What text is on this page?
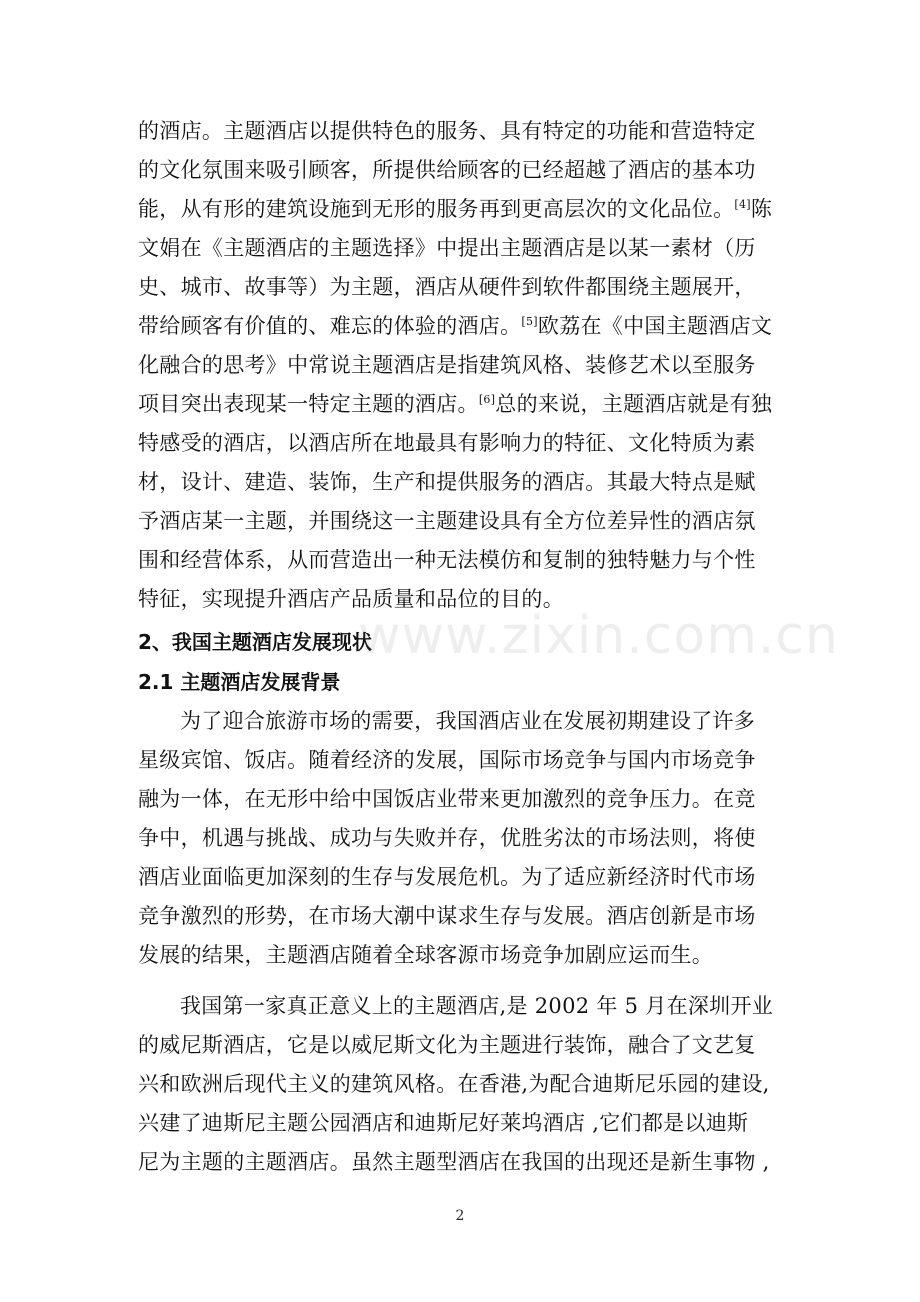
的酒店。主题酒店以提供特色的服务、具有特定的功能和营造特定
的文化氛围来吸引顾客，所提供给顾客的已经超越了酒店的基本功
能，从有形的建筑设施到无形的服务再到更高层次的文化品位。[4]陈
文娟在《主题酒店的主题选择》中提出主题酒店是以某一素材（历
史、城市、故事等）为主题，酒店从硬件到软件都围绕主题展开，
带给顾客有价值的、难忘的体验的酒店。[5]欧荔在《中国主题酒店文
化融合的思考》中常说主题酒店是指建筑风格、装修艺术以至服务
项目突出表现某一特定主题的酒店。[6]总的来说，主题酒店就是有独
特感受的酒店，以酒店所在地最具有影响力的特征、文化特质为素
材，设计、建造、装饰，生产和提供服务的酒店。其最大特点是赋
予酒店某一主题，并围绕这一主题建设具有全方位差异性的酒店氛
围和经营体系，从而营造出一种无法模仿和复制的独特魅力与个性
特征，实现提升酒店产品质量和品位的目的。

2、我国主题酒店发展现状
2.1 主题酒店发展背景

为了迎合旅游市场的需要，我国酒店业在发展初期建设了许多
星级宾馆、饭店。随着经济的发展，国际市场竞争与国内市场竞争
融为一体，在无形中给中国饭店业带来更加激烈的竞争压力。在竞
争中，机遇与挑战、成功与失败并存，优胜劣汰的市场法则，将使
酒店业面临更加深刻的生存与发展危机。为了适应新经济时代市场
竞争激烈的形势，在市场大潮中谋求生存与发展。酒店创新是市场
发展的结果，主题酒店随着全球客源市场竞争加剧应运而生。

我国第一家真正意义上的主题酒店,是 2002 年 5 月在深圳开业
的威尼斯酒店，它是以威尼斯文化为主题进行装饰，融合了文艺复
兴和欧洲后现代主义的建筑风格。在香港,为配合迪斯尼乐园的建设,
兴建了迪斯尼主题公园酒店和迪斯尼好莱坞酒店 ,它们都是以迪斯
尼为主题的主题酒店。虽然主题型酒店在我国的出现还是新生事物 ,

www.zixin.com.cn
2
